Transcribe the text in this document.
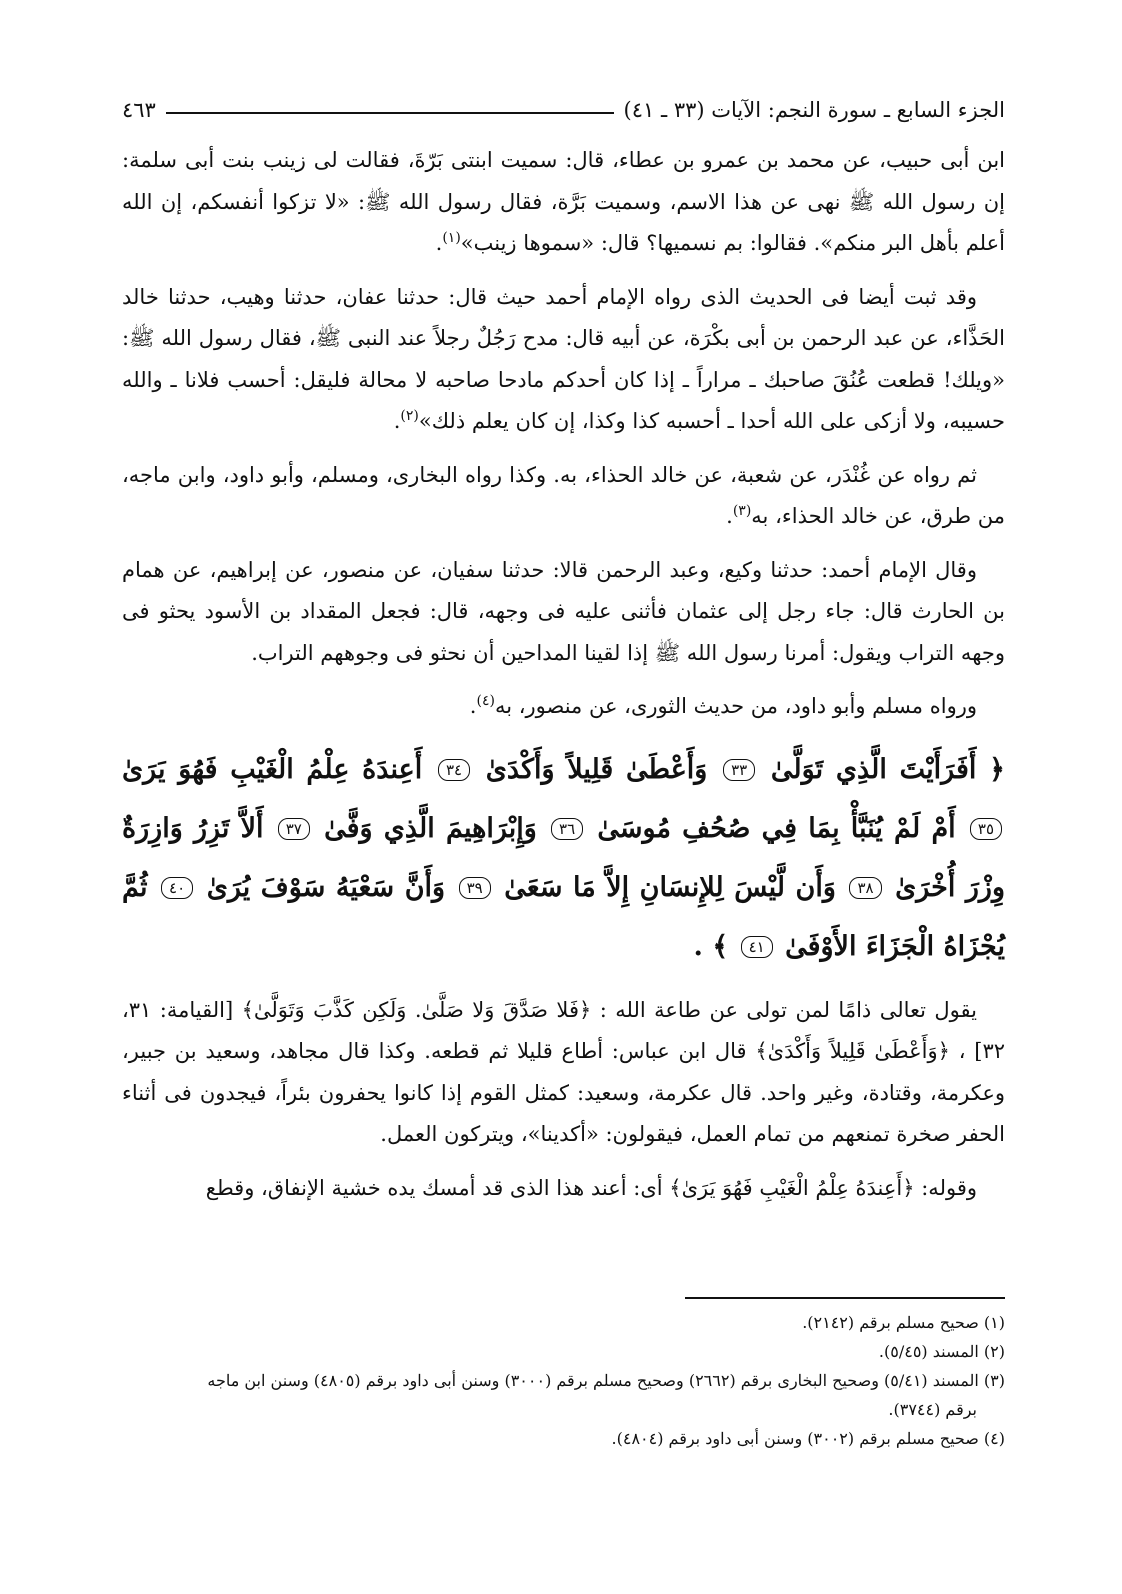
الجزء السابع ـ سورة النجم: الآيات (٣٣ ـ ٤١)
٤٦٣

ابن أبى حبيب، عن محمد بن عمرو بن عطاء، قال: سميت ابنتى بَرّةَ، فقالت لى زينب بنت أبى سلمة: إن رسول الله ﷺ نهى عن هذا الاسم، وسميت بَرَّة، فقال رسول الله ﷺ: «لا تزكوا أنفسكم، إن الله أعلم بأهل البر منكم». فقالوا: بم نسميها؟ قال: «سموها زينب»$^{(١)}$.

وقد ثبت أيضا فى الحديث الذى رواه الإمام أحمد حيث قال: حدثنا عفان، حدثنا وهيب، حدثنا خالد الحَذَّاء، عن عبد الرحمن بن أبى بكْرَة، عن أبيه قال: مدح رَجُلٌ رجلاً عند النبى ﷺ، فقال رسول الله ﷺ: «ويلك! قطعت عُنُقَ صاحبك ـ مراراً ـ إذا كان أحدكم مادحا صاحبه لا محالة فليقل: أحسب فلانا ـ والله حسيبه، ولا أزكى على الله أحدا ـ أحسبه كذا وكذا، إن كان يعلم ذلك»$^{(٢)}$.

ثم رواه عن غُنْدَر، عن شعبة، عن خالد الحذاء، به. وكذا رواه البخارى، ومسلم، وأبو داود، وابن ماجه، من طرق، عن خالد الحذاء، به$^{(٣)}$.

وقال الإمام أحمد: حدثنا وكيع، وعبد الرحمن قالا: حدثنا سفيان، عن منصور، عن إبراهيم، عن همام بن الحارث قال: جاء رجل إلى عثمان فأثنى عليه فى وجهه، قال: فجعل المقداد بن الأسود يحثو فى وجهه التراب ويقول: أمرنا رسول الله ﷺ إذا لقينا المداحين أن نحثو فى وجوههم التراب.

ورواه مسلم وأبو داود، من حديث الثورى، عن منصور، به$^{(٤)}$.

﴿ أَفَرَأَيْتَ الَّذِي تَوَلَّىٰ ٣٣ وَأَعْطَىٰ قَلِيلاً وَأَكْدَىٰ ٣٤ أَعِندَهُ عِلْمُ الْغَيْبِ فَهُوَ يَرَىٰ ٣٥ أَمْ لَمْ يُنَبَّأْ بِمَا فِي صُحُفِ مُوسَىٰ ٣٦ وَإِبْرَاهِيمَ الَّذِي وَفَّىٰ ٣٧ أَلاَّ تَزِرُ وَازِرَةٌ وِزْرَ أُخْرَىٰ ٣٨ وَأَن لَّيْسَ لِلإِنسَانِ إِلاَّ مَا سَعَىٰ ٣٩ وَأَنَّ سَعْيَهُ سَوْفَ يُرَىٰ ٤٠ ثُمَّ يُجْزَاهُ الْجَزَاءَ الأَوْفَىٰ ٤١ ﴾ .

يقول تعالى ذامًا لمن تولى عن طاعة الله : ﴿فَلا صَدَّقَ وَلا صَلَّىٰ. وَلَكِن كَذَّبَ وَتَوَلَّىٰ﴾ [القيامة: ٣١، ٣٢] ، ﴿وَأَعْطَىٰ قَلِيلاً وَأَكْدَىٰ﴾ قال ابن عباس: أطاع قليلا ثم قطعه. وكذا قال مجاهد، وسعيد بن جبير، وعكرمة، وقتادة، وغير واحد. قال عكرمة، وسعيد: كمثل القوم إذا كانوا يحفرون بئراً، فيجدون فى أثناء الحفر صخرة تمنعهم من تمام العمل، فيقولون: «أكدينا»، ويتركون العمل.

وقوله: ﴿أَعِندَهُ عِلْمُ الْغَيْبِ فَهُوَ يَرَىٰ﴾ أى: أعند هذا الذى قد أمسك يده خشية الإنفاق، وقطع

(١) صحيح مسلم برقم (٢١٤٢).

(٢) المسند (٥/٤٥).

(٣) المسند (٥/٤١) وصحيح البخارى برقم (٢٦٦٢) وصحيح مسلم برقم (٣٠٠٠) وسنن أبى داود برقم (٤٨٠٥) وسنن ابن ماجه
برقم (٣٧٤٤).

(٤) صحيح مسلم برقم (٣٠٠٢) وسنن أبى داود برقم (٤٨٠٤).
